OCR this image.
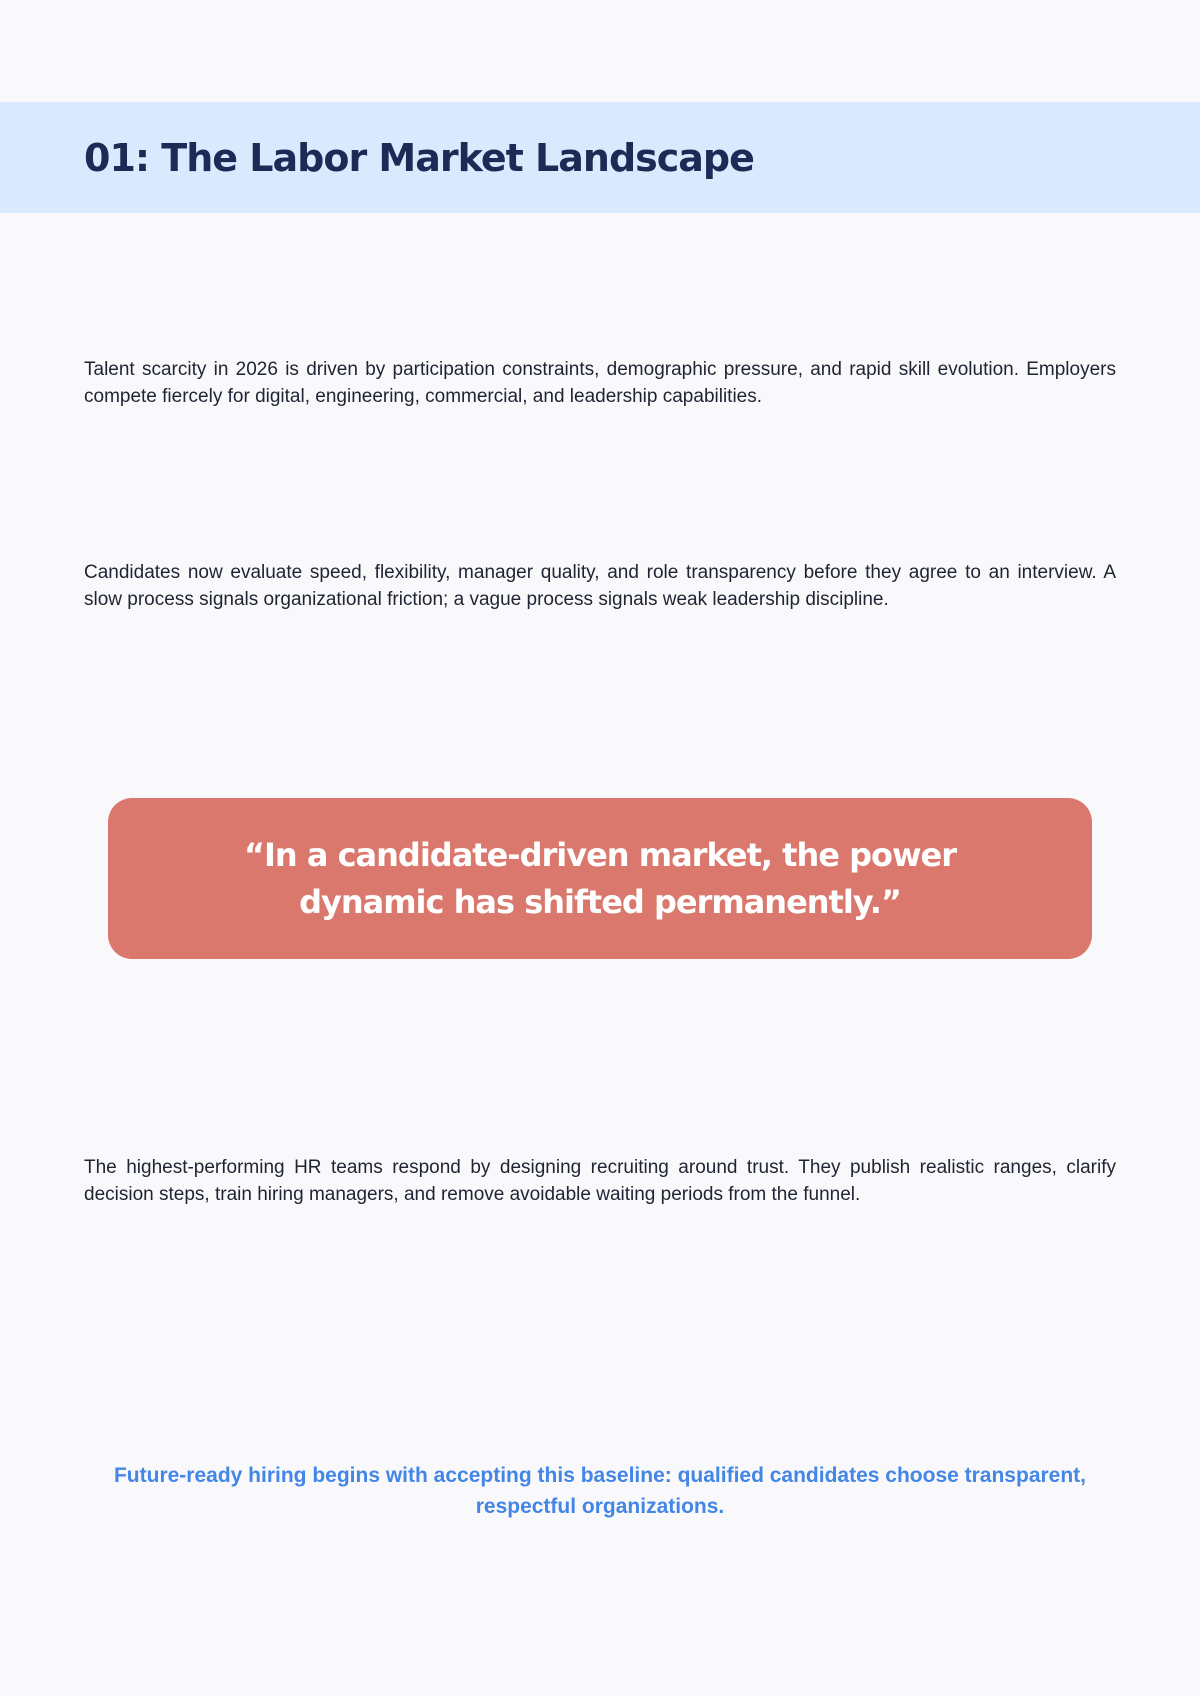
01: The Labor Market Landscape

Talent scarcity in 2026 is driven by participation constraints, demographic pressure, and rapid skill evolution. Employers compete fiercely for digital, engineering, commercial, and leadership capabilities.

Candidates now evaluate speed, flexibility, manager quality, and role transparency before they agree to an interview. A slow process signals organizational friction; a vague process signals weak leadership discipline.

“In a candidate-driven market, the power dynamic has shifted permanently.”

The highest-performing HR teams respond by designing recruiting around trust. They publish realistic ranges, clarify decision steps, train hiring managers, and remove avoidable waiting periods from the funnel.

Future-ready hiring begins with accepting this baseline: qualified candidates choose transparent, respectful organizations.
